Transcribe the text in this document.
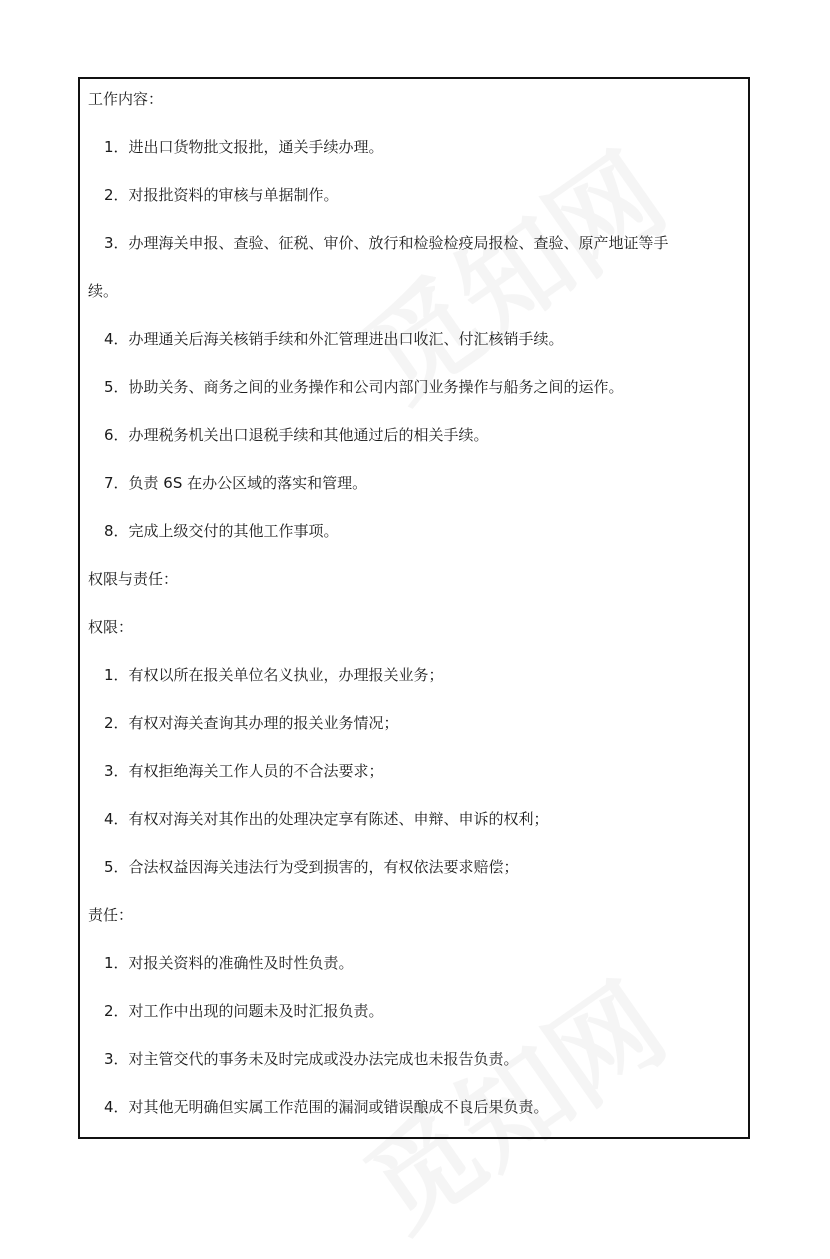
工作内容：

1．进出口货物批文报批，通关手续办理。

2．对报批资料的审核与单据制作。

3．办理海关申报、查验、征税、审价、放行和检验检疫局报检、查验、原产地证等手

续。

4．办理通关后海关核销手续和外汇管理进出口收汇、付汇核销手续。

5．协助关务、商务之间的业务操作和公司内部门业务操作与船务之间的运作。

6．办理税务机关出口退税手续和其他通过后的相关手续。

7．负责 6S 在办公区域的落实和管理。

8．完成上级交付的其他工作事项。

权限与责任：

权限：

1．有权以所在报关单位名义执业，办理报关业务；

2．有权对海关查询其办理的报关业务情况；

3．有权拒绝海关工作人员的不合法要求；

4．有权对海关对其作出的处理决定享有陈述、申辩、申诉的权利；

5．合法权益因海关违法行为受到损害的，有权依法要求赔偿；

责任：

1．对报关资料的准确性及时性负责。

2．对工作中出现的问题未及时汇报负责。

3．对主管交代的事务未及时完成或没办法完成也未报告负责。

4．对其他无明确但实属工作范围的漏洞或错误酿成不良后果负责。
